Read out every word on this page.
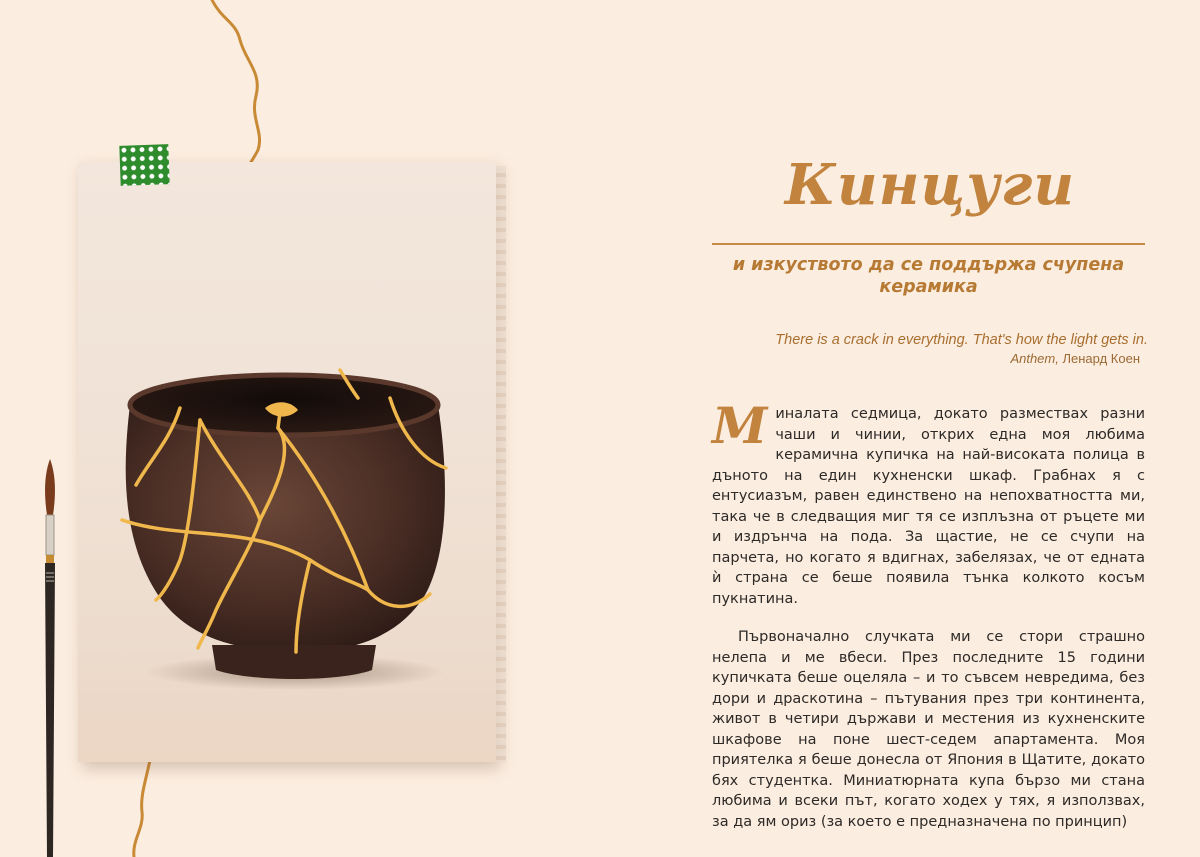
Кинцуги
и изкуството да се поддържа счупена керамика
There is a crack in everything. That's how the light gets in.
Anthem, Ленард Коен

Миналата седмица, докато размествах разни чаши и чинии, открих една моя любима керамична купичка на най-високата полица в дъното на един кухненски шкаф. Грабнах я с ентусиазъм, равен единствено на непохватността ми, така че в следващия миг тя се изплъзна от ръцете ми и издрънча на пода. За щастие, не се счупи на парчета, но когато я вдигнах, забелязах, че от едната ѝ страна се беше появила тънка колкото косъм пукнатина.

Първоначално случката ми се стори страшно нелепа и ме вбеси. През последните 15 години купичката беше оцеляла – и то съвсем невредима, без дори и драскотина – пътувания през три континента, живот в четири държави и местения из кухненските шкафове на поне шест-седем апартамента. Моя приятелка я беше донесла от Япония в Щатите, докато бях студентка. Миниатюрната купа бързо ми стана любима и всеки път, когато ходех у тях, я използвах, за да ям ориз (за което е предназначена по принцип)
